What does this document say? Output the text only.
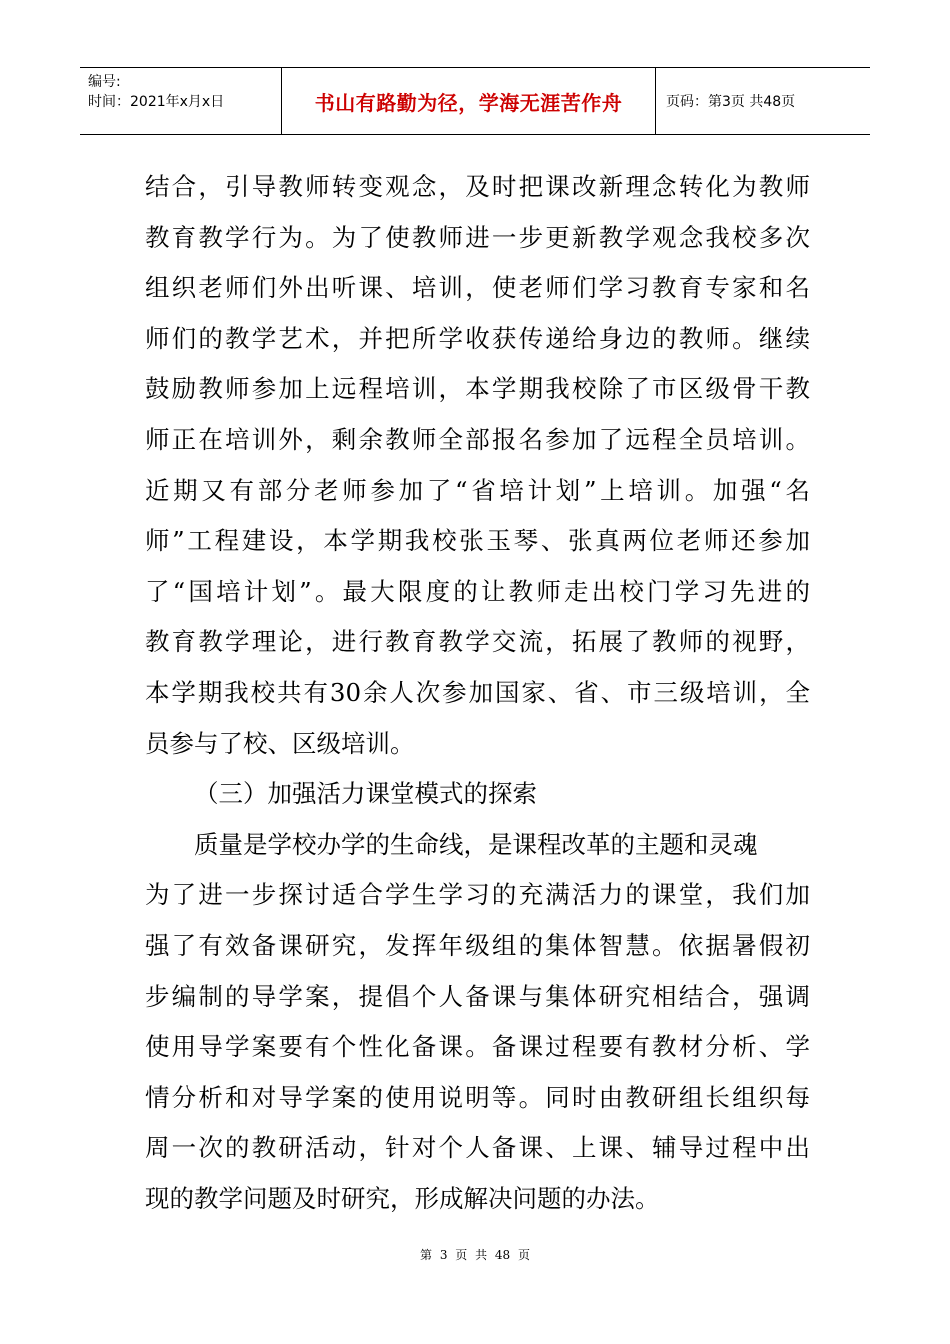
编号:
时间：2021年x月x日	书山有路勤为径，学海无涯苦作舟	页码：第3页 共48页

结合，引导教师转变观念，及时把课改新理念转化为教师

教育教学行为。为了使教师进一步更新教学观念我校多次

组织老师们外出听课、培训，使老师们学习教育专家和名

师们的教学艺术，并把所学收获传递给身边的教师。继续

鼓励教师参加上远程培训，本学期我校除了市区级骨干教

师正在培训外，剩余教师全部报名参加了远程全员培训。

近期又有部分老师参加了“省培计划”上培训。加强“名

师”工程建设，本学期我校张玉琴、张真两位老师还参加

了“国培计划”。最大限度的让教师走出校门学习先进的

教育教学理论，进行教育教学交流，拓展了教师的视野，

本学期我校共有30余人次参加国家、省、市三级培训，全

员参与了校、区级培训。

（三）加强活力课堂模式的探索

质量是学校办学的生命线，是课程改革的主题和灵魂

为了进一步探讨适合学生学习的充满活力的课堂，我们加

强了有效备课研究，发挥年级组的集体智慧。依据暑假初

步编制的导学案，提倡个人备课与集体研究相结合，强调

使用导学案要有个性化备课。备课过程要有教材分析、学

情分析和对导学案的使用说明等。同时由教研组长组织每

周一次的教研活动，针对个人备课、上课、辅导过程中出

现的教学问题及时研究，形成解决问题的办法。

第 3 页 共 48 页
